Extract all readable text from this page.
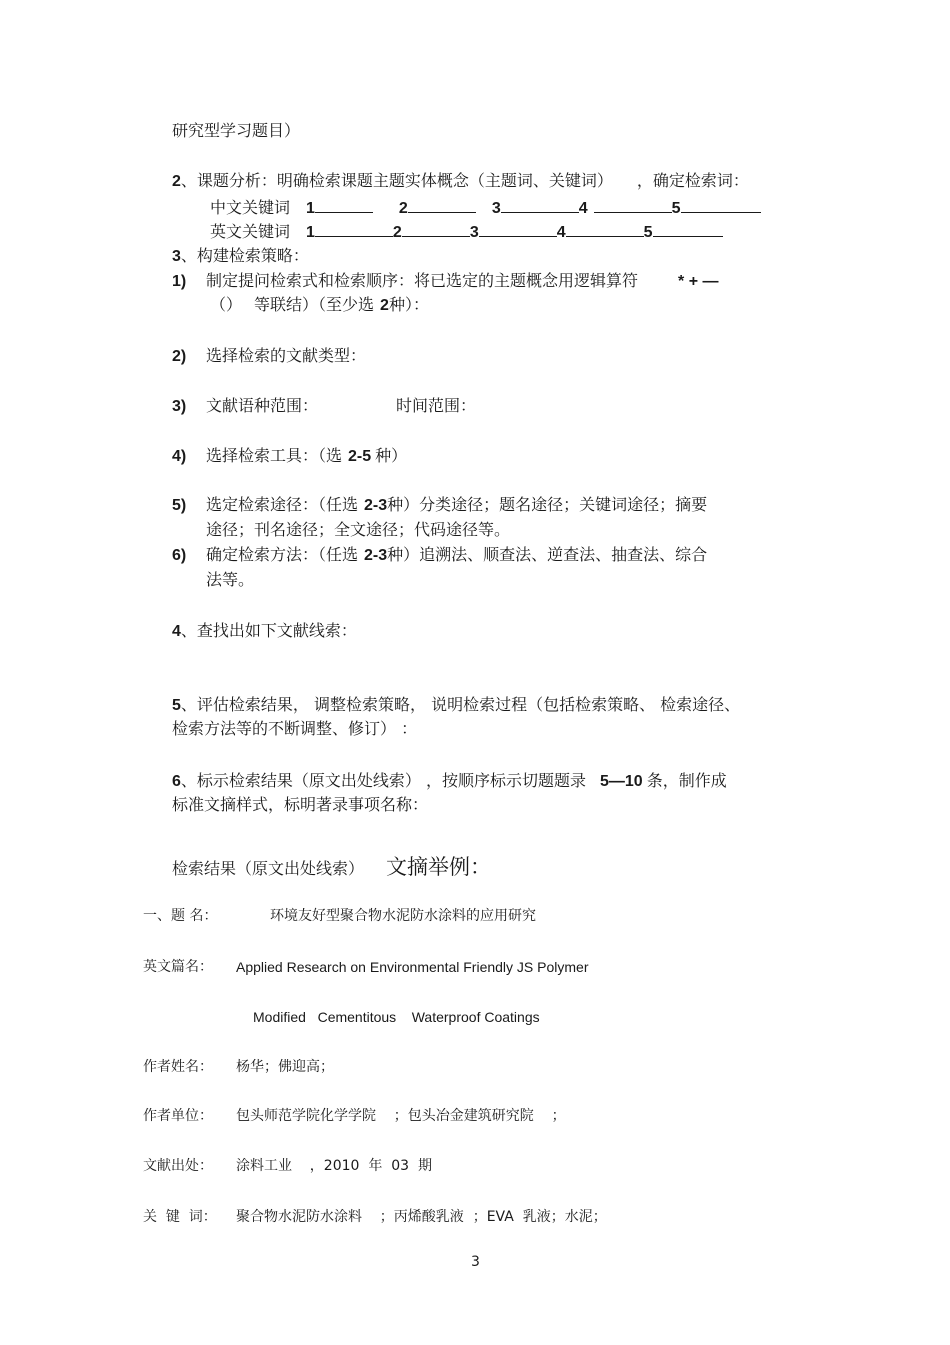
研究型学习题目）
2、课题分析：明确检索课题主题实体概念（主题词、关键词） ，确定检索词：
中文关键词 1	2	3	4	5
英文关键词 1	2	3	4	5
3、构建检索策略：
1) 制定提问检索式和检索顺序：将已选定的主题概念用逻辑算符	* + —
（） 等联结）（至少选 2种）：
2) 选择检索的文献类型：
3) 文献语种范围：	时间范围：
4) 选择检索工具：（选 2-5 种）
5) 选定检索途径：（任选 2-3种）分类途径；题名途径；关键词途径；摘要
途径；刊名途径；全文途径；代码途径等。
6) 确定检索方法：（任选 2-3种）追溯法、顺查法、逆查法、抽查法、综合
法等。
4、查找出如下文献线索：
5、评估检索结果， 调整检索策略， 说明检索过程（包括检索策略、 检索途径、
检索方法等的不断调整、修订） ：
6、标示检索结果（原文出处线索） ，按顺序标示切题题录 5—10 条，制作成
标准文摘样式，标明著录事项名称：
检索结果（原文出处线索） 文摘举例：
一、题 名：	环境友好型聚合物水泥防水涂料的应用研究
英文篇名： Applied Research on Environmental Friendly JS Polymer
Modified   Cementitous    Waterproof Coatings
作者姓名： 杨华；佛迎高；
作者单位： 包头师范学院化学学院    ；包头冶金建筑研究院    ；
文献出处： 涂料工业    ，2010  年  03  期
关  键  词： 聚合物水泥防水涂料    ；丙烯酸乳液  ；EVA  乳液；水泥；
3
